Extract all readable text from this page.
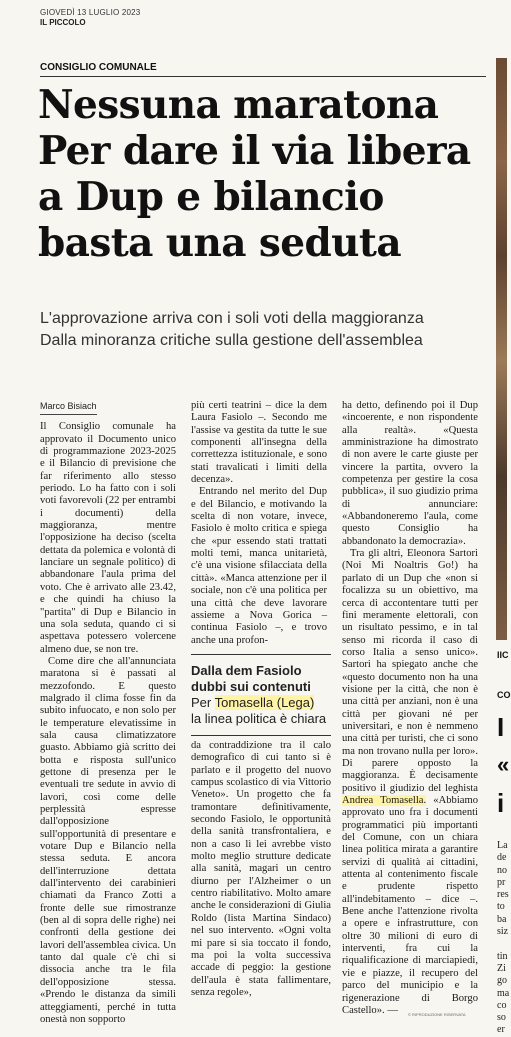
GIOVEDÌ 13 LUGLIO 2023
IL PICCOLO
CONSIGLIO COMUNALE
Nessuna maratona Per dare il via libera a Dup e bilancio basta una seduta
L'approvazione arriva con i soli voti della maggioranza
Dalla minoranza critiche sulla gestione dell'assemblea
Marco Bisiach

Il Consiglio comunale ha approvato il Documento unico di programmazione 2023-2025 e il Bilancio di previsione che far riferimento allo stesso periodo. Lo ha fatto con i soli voti favorevoli (22 per entrambi i documenti) della maggioranza, mentre l'opposizione ha deciso (scelta dettata da polemica e volontà di lanciare un segnale politico) di abbandonare l'aula prima del voto. Che è arrivato alle 23.42, e che quindi ha chiuso la "partita" di Dup e Bilancio in una sola seduta, quando ci si aspettava potessero volercene almeno due, se non tre.

Come dire che all'annunciata maratona si è passati al mezzofondo. E questo malgrado il clima fosse fin da subito infuocato, e non solo per le temperature elevatissime in sala causa climatizzatore guasto. Abbiamo già scritto dei botta e risposta sull'unico gettone di presenza per le eventuali tre sedute in avvio di lavori, così come delle perplessità espresse dall'opposizione sull'opportunità di presentare e votare Dup e Bilancio nella stessa seduta. E ancora dell'interruzione dettata dall'intervento dei carabinieri chiamati da Franco Zotti a fronte delle sue rimostranze (ben al di sopra delle righe) nei confronti della gestione dei lavori dell'assemblea civica. Un tanto dal quale c'è chi si dissocia anche tra le fila dell'opposizione stessa. «Prendo le distanza da simili atteggiamenti, perché in tutta onestà non sopporto

più certi teatrini – dice la dem Laura Fasiolo –. Secondo me l'assise va gestita da tutte le sue componenti all'insegna della correttezza istituzionale, e sono stati travalicati i limiti della decenza».

Entrando nel merito del Dup e del Bilancio, e motivando la scelta di non votare, invece, Fasiolo è molto critica e spiega che «pur essendo stati trattati molti temi, manca unitarietà, c'è una visione sfilacciata della città». «Manca attenzione per il sociale, non c'è una politica per una città che deve lavorare assieme a Nova Gorica – continua Fasiolo –, e trovo anche una profon-

Dalla dem Fasiolo
dubbi sui contenuti
Per Tomasella (Lega)
la linea politica è chiara

da contraddizione tra il calo demografico di cui tanto si è parlato e il progetto del nuovo campus scolastico di via Vittorio Veneto». Un progetto che fa tramontare definitivamente, secondo Fasiolo, le opportunità della sanità transfrontaliera, e non a caso lì lei avrebbe visto molto meglio strutture dedicate alla sanità, magari un centro diurno per l'Alzheimer o un centro riabilitativo. Molto amare anche le considerazioni di Giulia Roldo (lista Martina Sindaco) nel suo intervento. «Ogni volta mi pare si sia toccato il fondo, ma poi la volta successiva accade di peggio: la gestione dell'aula è stata fallimentare, senza regole»,

ha detto, definendo poi il Dup «incoerente, e non rispondente alla realtà». «Questa amministrazione ha dimostrato di non avere le carte giuste per vincere la partita, ovvero la competenza per gestire la cosa pubblica», il suo giudizio prima di annunciare: «Abbandoneremo l'aula, come questo Consiglio ha abbandonato la democrazia».

Tra gli altri, Eleonora Sartori (Noi Mi Noaltris Go!) ha parlato di un Dup che «non si focalizza su un obiettivo, ma cerca di accontentare tutti per fini meramente elettorali, con un risultato pessimo, e in tal senso mi ricorda il caso di corso Italia a senso unico». Sartori ha spiegato anche che «questo documento non ha una visione per la città, che non è una città per anziani, non è una città per giovani né per universitari, e non è nemmeno una città per turisti, che ci sono ma non trovano nulla per loro». Di parere opposto la maggioranza. È decisamente positivo il giudizio del leghista Andrea Tomasella. «Abbiamo approvato uno fra i documenti programmatici più importanti del Comune, con un chiara linea politica mirata a garantire servizi di qualità ai cittadini, attenta al contenimento fiscale e prudente rispetto all'indebitamento – dice –. Bene anche l'attenzione rivolta a opere e infrastrutture, con oltre 30 milioni di euro di interventi, fra cui la riqualificazione di marciapiedi, vie e piazze, il recupero del parco del municipio e la rigenerazione di Borgo Castello». —	© RIPRODUZIONE RISERVATA
IIC
CO
I
«
i
La
de
no
pr
res
to
ba
siz

tin
Zi
go
ma
co
so
er
